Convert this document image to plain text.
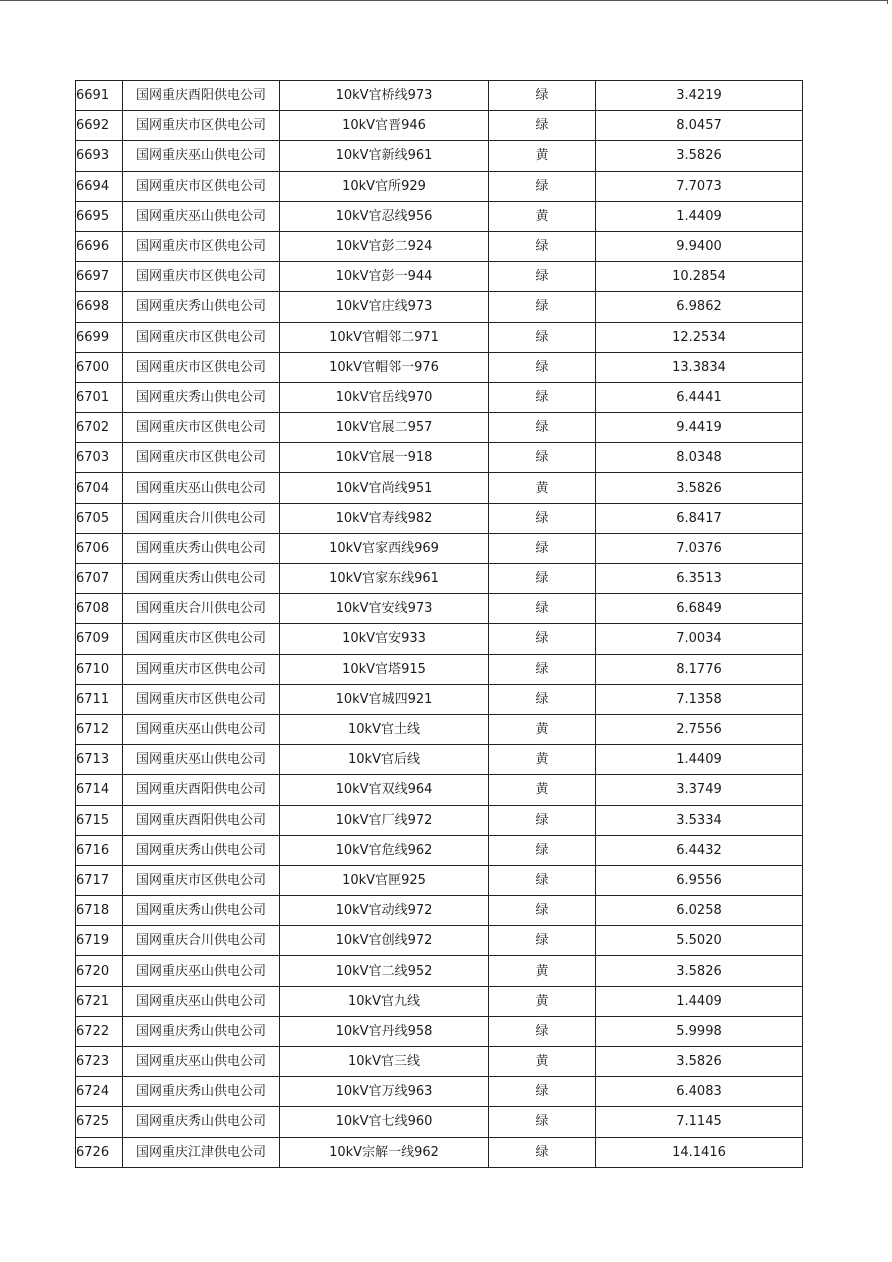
6691	国网重庆酉阳供电公司	10kV官桥线973	绿	3.4219
6692	国网重庆市区供电公司	10kV官晋946	绿	8.0457
6693	国网重庆巫山供电公司	10kV官新线961	黄	3.5826
6694	国网重庆市区供电公司	10kV官所929	绿	7.7073
6695	国网重庆巫山供电公司	10kV官忍线956	黄	1.4409
6696	国网重庆市区供电公司	10kV官彭二924	绿	9.9400
6697	国网重庆市区供电公司	10kV官彭一944	绿	10.2854
6698	国网重庆秀山供电公司	10kV官庄线973	绿	6.9862
6699	国网重庆市区供电公司	10kV官帽邻二971	绿	12.2534
6700	国网重庆市区供电公司	10kV官帽邻一976	绿	13.3834
6701	国网重庆秀山供电公司	10kV官岳线970	绿	6.4441
6702	国网重庆市区供电公司	10kV官展二957	绿	9.4419
6703	国网重庆市区供电公司	10kV官展一918	绿	8.0348
6704	国网重庆巫山供电公司	10kV官尚线951	黄	3.5826
6705	国网重庆合川供电公司	10kV官寿线982	绿	6.8417
6706	国网重庆秀山供电公司	10kV官家西线969	绿	7.0376
6707	国网重庆秀山供电公司	10kV官家东线961	绿	6.3513
6708	国网重庆合川供电公司	10kV官安线973	绿	6.6849
6709	国网重庆市区供电公司	10kV官安933	绿	7.0034
6710	国网重庆市区供电公司	10kV官塔915	绿	8.1776
6711	国网重庆市区供电公司	10kV官城四921	绿	7.1358
6712	国网重庆巫山供电公司	10kV官土线	黄	2.7556
6713	国网重庆巫山供电公司	10kV官后线	黄	1.4409
6714	国网重庆酉阳供电公司	10kV官双线964	黄	3.3749
6715	国网重庆酉阳供电公司	10kV官厂线972	绿	3.5334
6716	国网重庆秀山供电公司	10kV官危线962	绿	6.4432
6717	国网重庆市区供电公司	10kV官匣925	绿	6.9556
6718	国网重庆秀山供电公司	10kV官动线972	绿	6.0258
6719	国网重庆合川供电公司	10kV官创线972	绿	5.5020
6720	国网重庆巫山供电公司	10kV官二线952	黄	3.5826
6721	国网重庆巫山供电公司	10kV官九线	黄	1.4409
6722	国网重庆秀山供电公司	10kV官丹线958	绿	5.9998
6723	国网重庆巫山供电公司	10kV官三线	黄	3.5826
6724	国网重庆秀山供电公司	10kV官万线963	绿	6.4083
6725	国网重庆秀山供电公司	10kV官七线960	绿	7.1145
6726	国网重庆江津供电公司	10kV宗解一线962	绿	14.1416
